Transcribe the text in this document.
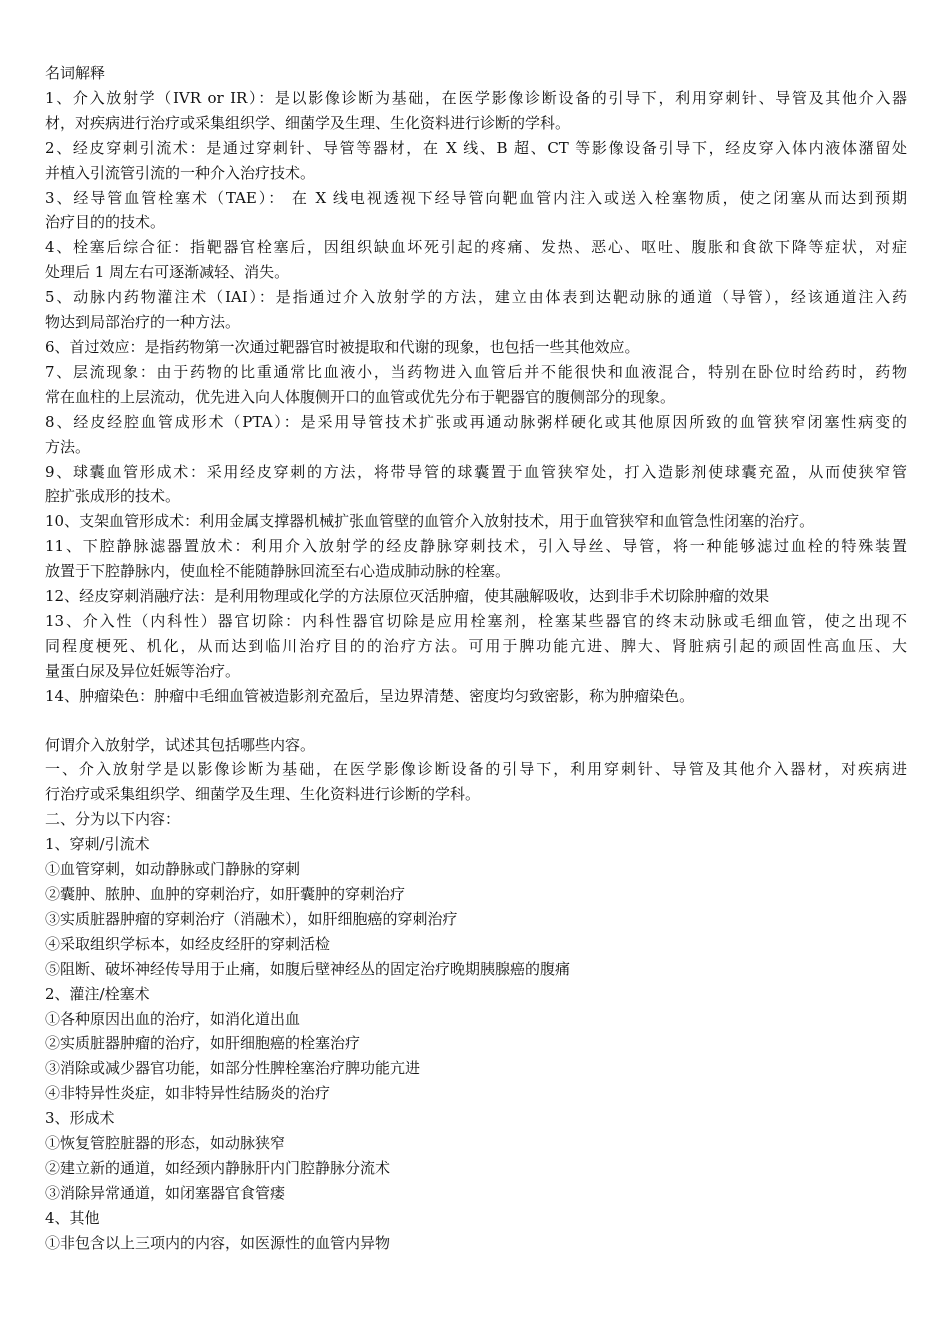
名词解释
1、介入放射学（IVR or IR）：是以影像诊断为基础，在医学影像诊断设备的引导下，利用穿刺针、导管及其他介入器
材，对疾病进行治疗或采集组织学、细菌学及生理、生化资料进行诊断的学科。
2、经皮穿刺引流术：是通过穿刺针、导管等器材，在 X 线、B 超、CT 等影像设备引导下，经皮穿入体内液体潴留处
并植入引流管引流的一种介入治疗技术。
3、经导管血管栓塞术（TAE）： 在 X 线电视透视下经导管向靶血管内注入或送入栓塞物质，使之闭塞从而达到预期
治疗目的的技术。
4、栓塞后综合征：指靶器官栓塞后，因组织缺血坏死引起的疼痛、发热、恶心、呕吐、腹胀和食欲下降等症状，对症
处理后 1 周左右可逐渐减轻、消失。
5、动脉内药物灌注术（IAI）：是指通过介入放射学的方法，建立由体表到达靶动脉的通道（导管），经该通道注入药
物达到局部治疗的一种方法。
6、首过效应：是指药物第一次通过靶器官时被提取和代谢的现象，也包括一些其他效应。
7、层流现象：由于药物的比重通常比血液小，当药物进入血管后并不能很快和血液混合，特别在卧位时给药时，药物
常在血柱的上层流动，优先进入向人体腹侧开口的血管或优先分布于靶器官的腹侧部分的现象。
8、经皮经腔血管成形术（PTA）：是采用导管技术扩张或再通动脉粥样硬化或其他原因所致的血管狭窄闭塞性病变的
方法。
9、球囊血管形成术：采用经皮穿刺的方法，将带导管的球囊置于血管狭窄处，打入造影剂使球囊充盈，从而使狭窄管
腔扩张成形的技术。
10、支架血管形成术：利用金属支撑器机械扩张血管壁的血管介入放射技术，用于血管狭窄和血管急性闭塞的治疗。
11、下腔静脉滤器置放术：利用介入放射学的经皮静脉穿刺技术，引入导丝、导管，将一种能够滤过血栓的特殊装置
放置于下腔静脉内，使血栓不能随静脉回流至右心造成肺动脉的栓塞。
12、经皮穿刺消融疗法：是利用物理或化学的方法原位灭活肿瘤，使其融解吸收，达到非手术切除肿瘤的效果
13、介入性（内科性）器官切除：内科性器官切除是应用栓塞剂，栓塞某些器官的终末动脉或毛细血管，使之出现不
同程度梗死、机化，从而达到临川治疗目的的治疗方法。可用于脾功能亢进、脾大、肾脏病引起的顽固性高血压、大
量蛋白尿及异位妊娠等治疗。
14、肿瘤染色：肿瘤中毛细血管被造影剂充盈后，呈边界清楚、密度均匀致密影，称为肿瘤染色。
何谓介入放射学，试述其包括哪些内容。
一、介入放射学是以影像诊断为基础，在医学影像诊断设备的引导下，利用穿刺针、导管及其他介入器材，对疾病进
行治疗或采集组织学、细菌学及生理、生化资料进行诊断的学科。
二、分为以下内容：
1、穿刺/引流术
①血管穿刺，如动静脉或门静脉的穿刺
②囊肿、脓肿、血肿的穿刺治疗，如肝囊肿的穿刺治疗
③实质脏器肿瘤的穿刺治疗（消融术），如肝细胞癌的穿刺治疗
④采取组织学标本，如经皮经肝的穿刺活检
⑤阻断、破坏神经传导用于止痛，如腹后壁神经丛的固定治疗晚期胰腺癌的腹痛
2、灌注/栓塞术
①各种原因出血的治疗，如消化道出血
②实质脏器肿瘤的治疗，如肝细胞癌的栓塞治疗
③消除或减少器官功能，如部分性脾栓塞治疗脾功能亢进
④非特异性炎症，如非特异性结肠炎的治疗
3、形成术
①恢复管腔脏器的形态，如动脉狭窄
②建立新的通道，如经颈内静脉肝内门腔静脉分流术
③消除异常通道，如闭塞器官食管瘘
4、其他
①非包含以上三项内的内容，如医源性的血管内异物
